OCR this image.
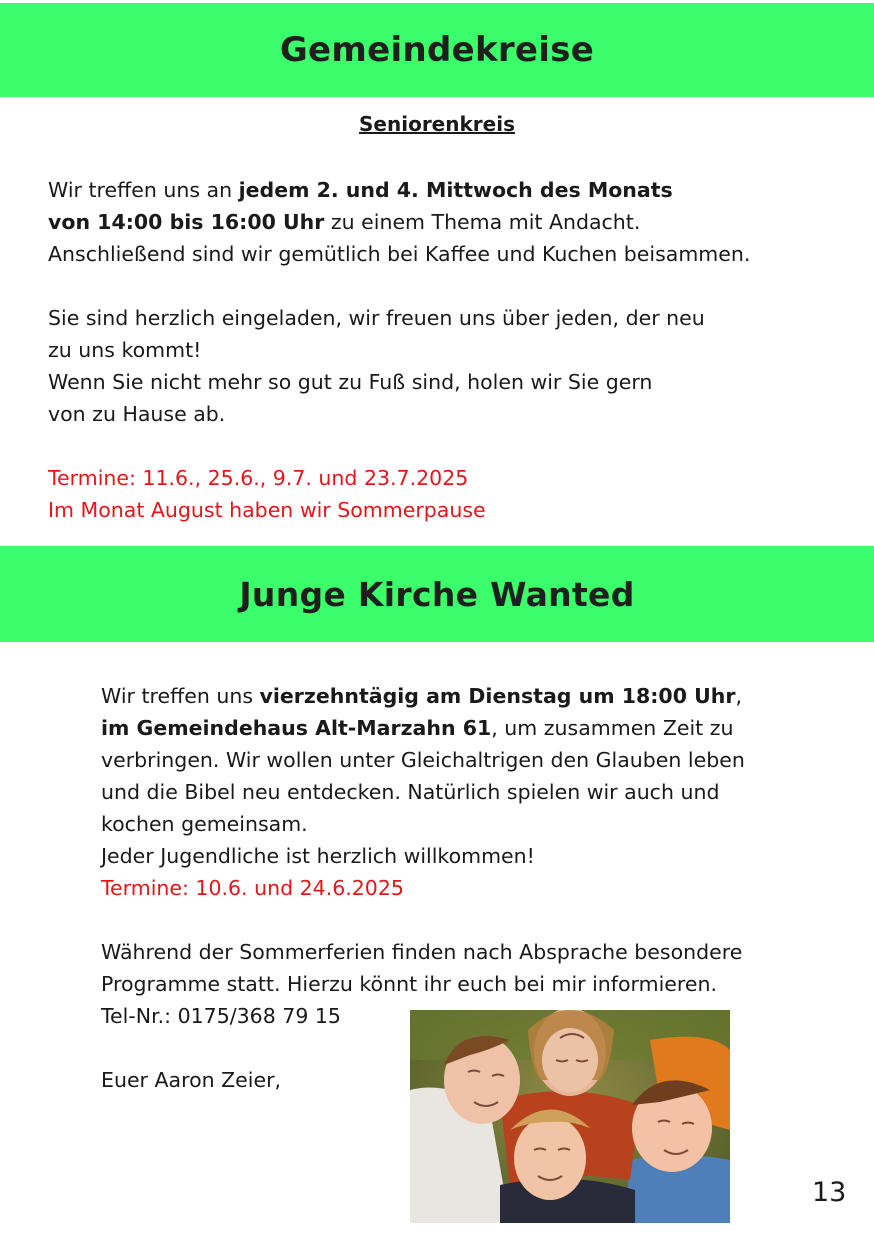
Gemeindekreise
Seniorenkreis

Wir treffen uns an jedem 2. und 4. Mittwoch des Monats

von 14:00 bis 16:00 Uhr zu einem Thema mit Andacht.

Anschließend sind wir gemütlich bei Kaffee und Kuchen beisammen.

Sie sind herzlich eingeladen, wir freuen uns über jeden, der neu

zu uns kommt!

Wenn Sie nicht mehr so gut zu Fuß sind, holen wir Sie gern

von zu Hause ab.

Termine: 11.6., 25.6., 9.7. und 23.7.2025

Im Monat August haben wir Sommerpause

Junge Kirche Wanted

Wir treffen uns vierzehntägig am Dienstag um 18:00 Uhr,

im Gemeindehaus Alt-Marzahn 61, um zusammen Zeit zu

verbringen. Wir wollen unter Gleichaltrigen den Glauben leben

und die Bibel neu entdecken. Natürlich spielen wir auch und

kochen gemeinsam.

Jeder Jugendliche ist herzlich willkommen!

Termine: 10.6. und 24.6.2025

Während der Sommerferien finden nach Absprache besondere

Programme statt. Hierzu könnt ihr euch bei mir informieren.

Tel-Nr.: 0175/368 79 15

Euer Aaron Zeier,

13
